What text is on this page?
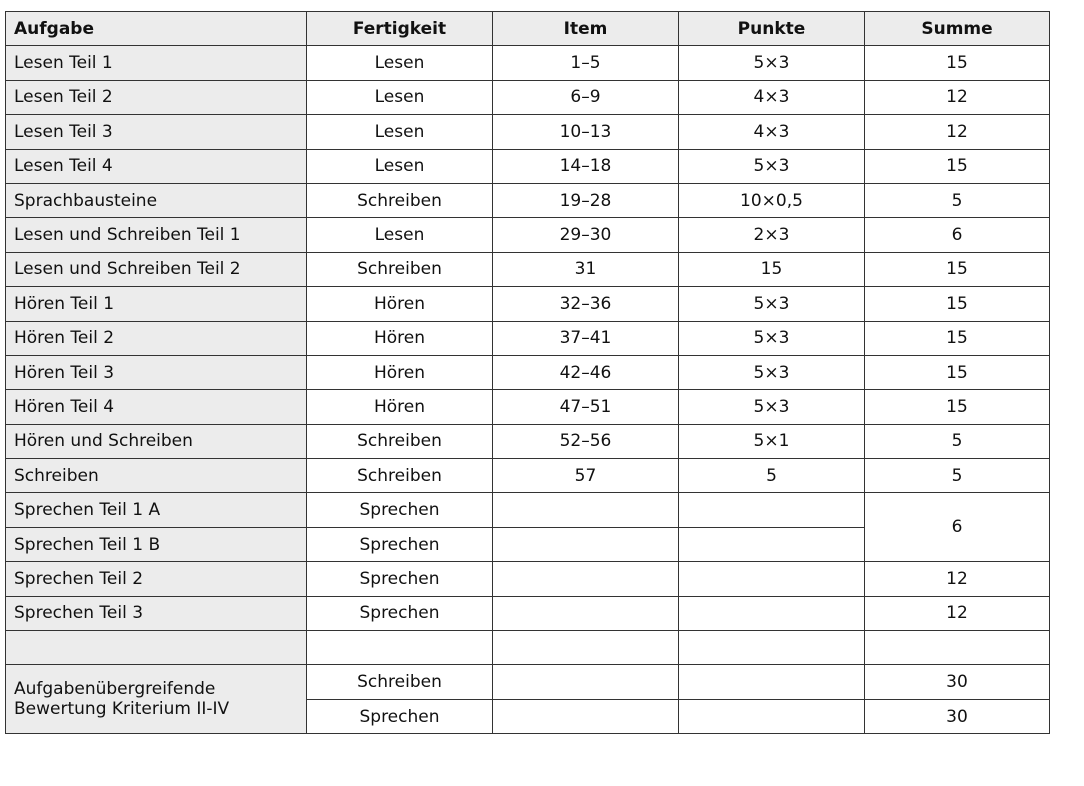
Aufgabe	Fertigkeit	Item	Punkte	Summe
Lesen Teil 1	Lesen	1–5	5×3	15
Lesen Teil 2	Lesen	6–9	4×3	12
Lesen Teil 3	Lesen	10–13	4×3	12
Lesen Teil 4	Lesen	14–18	5×3	15
Sprachbausteine	Schreiben	19–28	10×0,5	5
Lesen und Schreiben Teil 1	Lesen	29–30	2×3	6
Lesen und Schreiben Teil 2	Schreiben	31	15	15
Hören Teil 1	Hören	32–36	5×3	15
Hören Teil 2	Hören	37–41	5×3	15
Hören Teil 3	Hören	42–46	5×3	15
Hören Teil 4	Hören	47–51	5×3	15
Hören und Schreiben	Schreiben	52–56	5×1	5
Schreiben	Schreiben	57	5	5
Sprechen Teil 1 A	Sprechen			6
Sprechen Teil 1 B	Sprechen			
Sprechen Teil 2	Sprechen			12
Sprechen Teil 3	Sprechen			12

Aufgabenübergreifende
Bewertung Kriterium II-IV	Schreiben			30
	Sprechen			30
